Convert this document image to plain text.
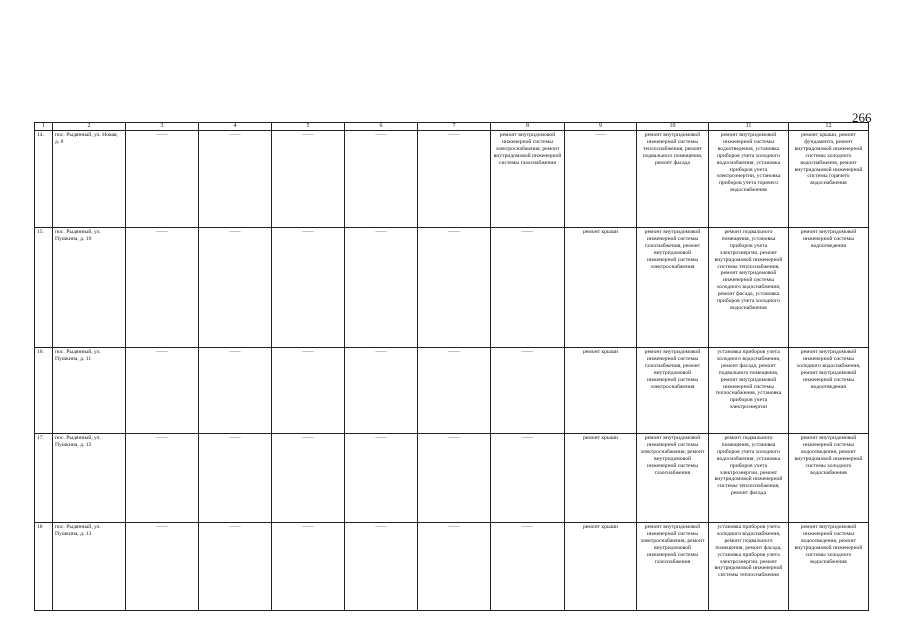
266
1	2	3	4	5	6	7	8	9	10	11	12
14.	пос. Рыдянный, ул. Новая, д. 8	——	——	——	——	——	ремонт внутридомовой инженерной системы электроснабжения, ремонт внутридомовой инженерной системы газоснабжения	——	ремонт внутридомовой инженерной системы теплоснабжения, ремонт подвального помещения, ремонт фасада	ремонт внутридомовой инженерной системы водоотведения, установка приборов учета холодного водоснабжения, установка приборов учета электроэнергии, установка приборов учета горячего водоснабжения	ремонт крыши, ремонт фундамента, ремонт внутридомовой инженерной системы холодного водоснабжения, ремонт внутридомовой инженерной системы горячего водоснабжения
15.	пос. Рыдянный, ул. Пушкина, д. 10	——	——	——	——	——	——	ремонт крыши	ремонт внутридомовой инженерной системы газоснабжения, ремонт внутридомовой инженерной системы электроснабжения	ремонт подвального помещения, установка приборов учета электроэнергии, ремонт внутридомовой инженерной системы теплоснабжения, ремонт внутридомовой инженерной системы холодного водоснабжения, ремонт фасада, установка приборов учета холодного водоснабжения	ремонт внутридомовой инженерной системы водоотведения
16.	пос. Рыдянный, ул. Пушкина, д. 11	——	——	——	——	——	——	ремонт крыши	ремонт внутридомовой инженерной системы газоснабжения, ремонт внутридомовой инженерной системы электроснабжения	установка приборов учета холодного водоснабжения, ремонт фасада, ремонт подвального помещения, ремонт внутридомовой инженерной системы теплоснабжения, установка приборов учета электроэнергии	ремонт внутридомовой инженерной системы холодного водоснабжения, ремонт внутридомовой инженерной системы водоотведения
17.	пос. Рыдянный, ул. Пушкина, д. 12	——	——	——	——	——	——	ремонт крыши	ремонт внутридомовой инженерной системы электроснабжения, ремонт внутридомовой инженерной системы газоснабжения	ремонт подвального помещения, установка приборов учета холодного водоснабжения, установка приборов учета электроэнергии, ремонт внутридомовой инженерной системы теплоснабжения, ремонт фасада	ремонт внутридомовой инженерной системы водоотведения, ремонт внутридомовой инженерной системы холодного водоснабжения
18	пос. Рыдянный, ул. Пушкина, д. 13	——	——	——	——	——	——	ремонт крыши	ремонт внутридомовой инженерной системы электроснабжения, ремонт внутридомовой инженерной системы газоснабжения	установка приборов учета холодного водоснабжения, ремонт подвального помещения, ремонт фасада, установка приборов учета электроэнергии, ремонт внутридомовой инженерной системы теплоснабжения	ремонт внутридомовой инженерной системы водоотведения, ремонт внутридомовой инженерной системы холодного водоснабжения
